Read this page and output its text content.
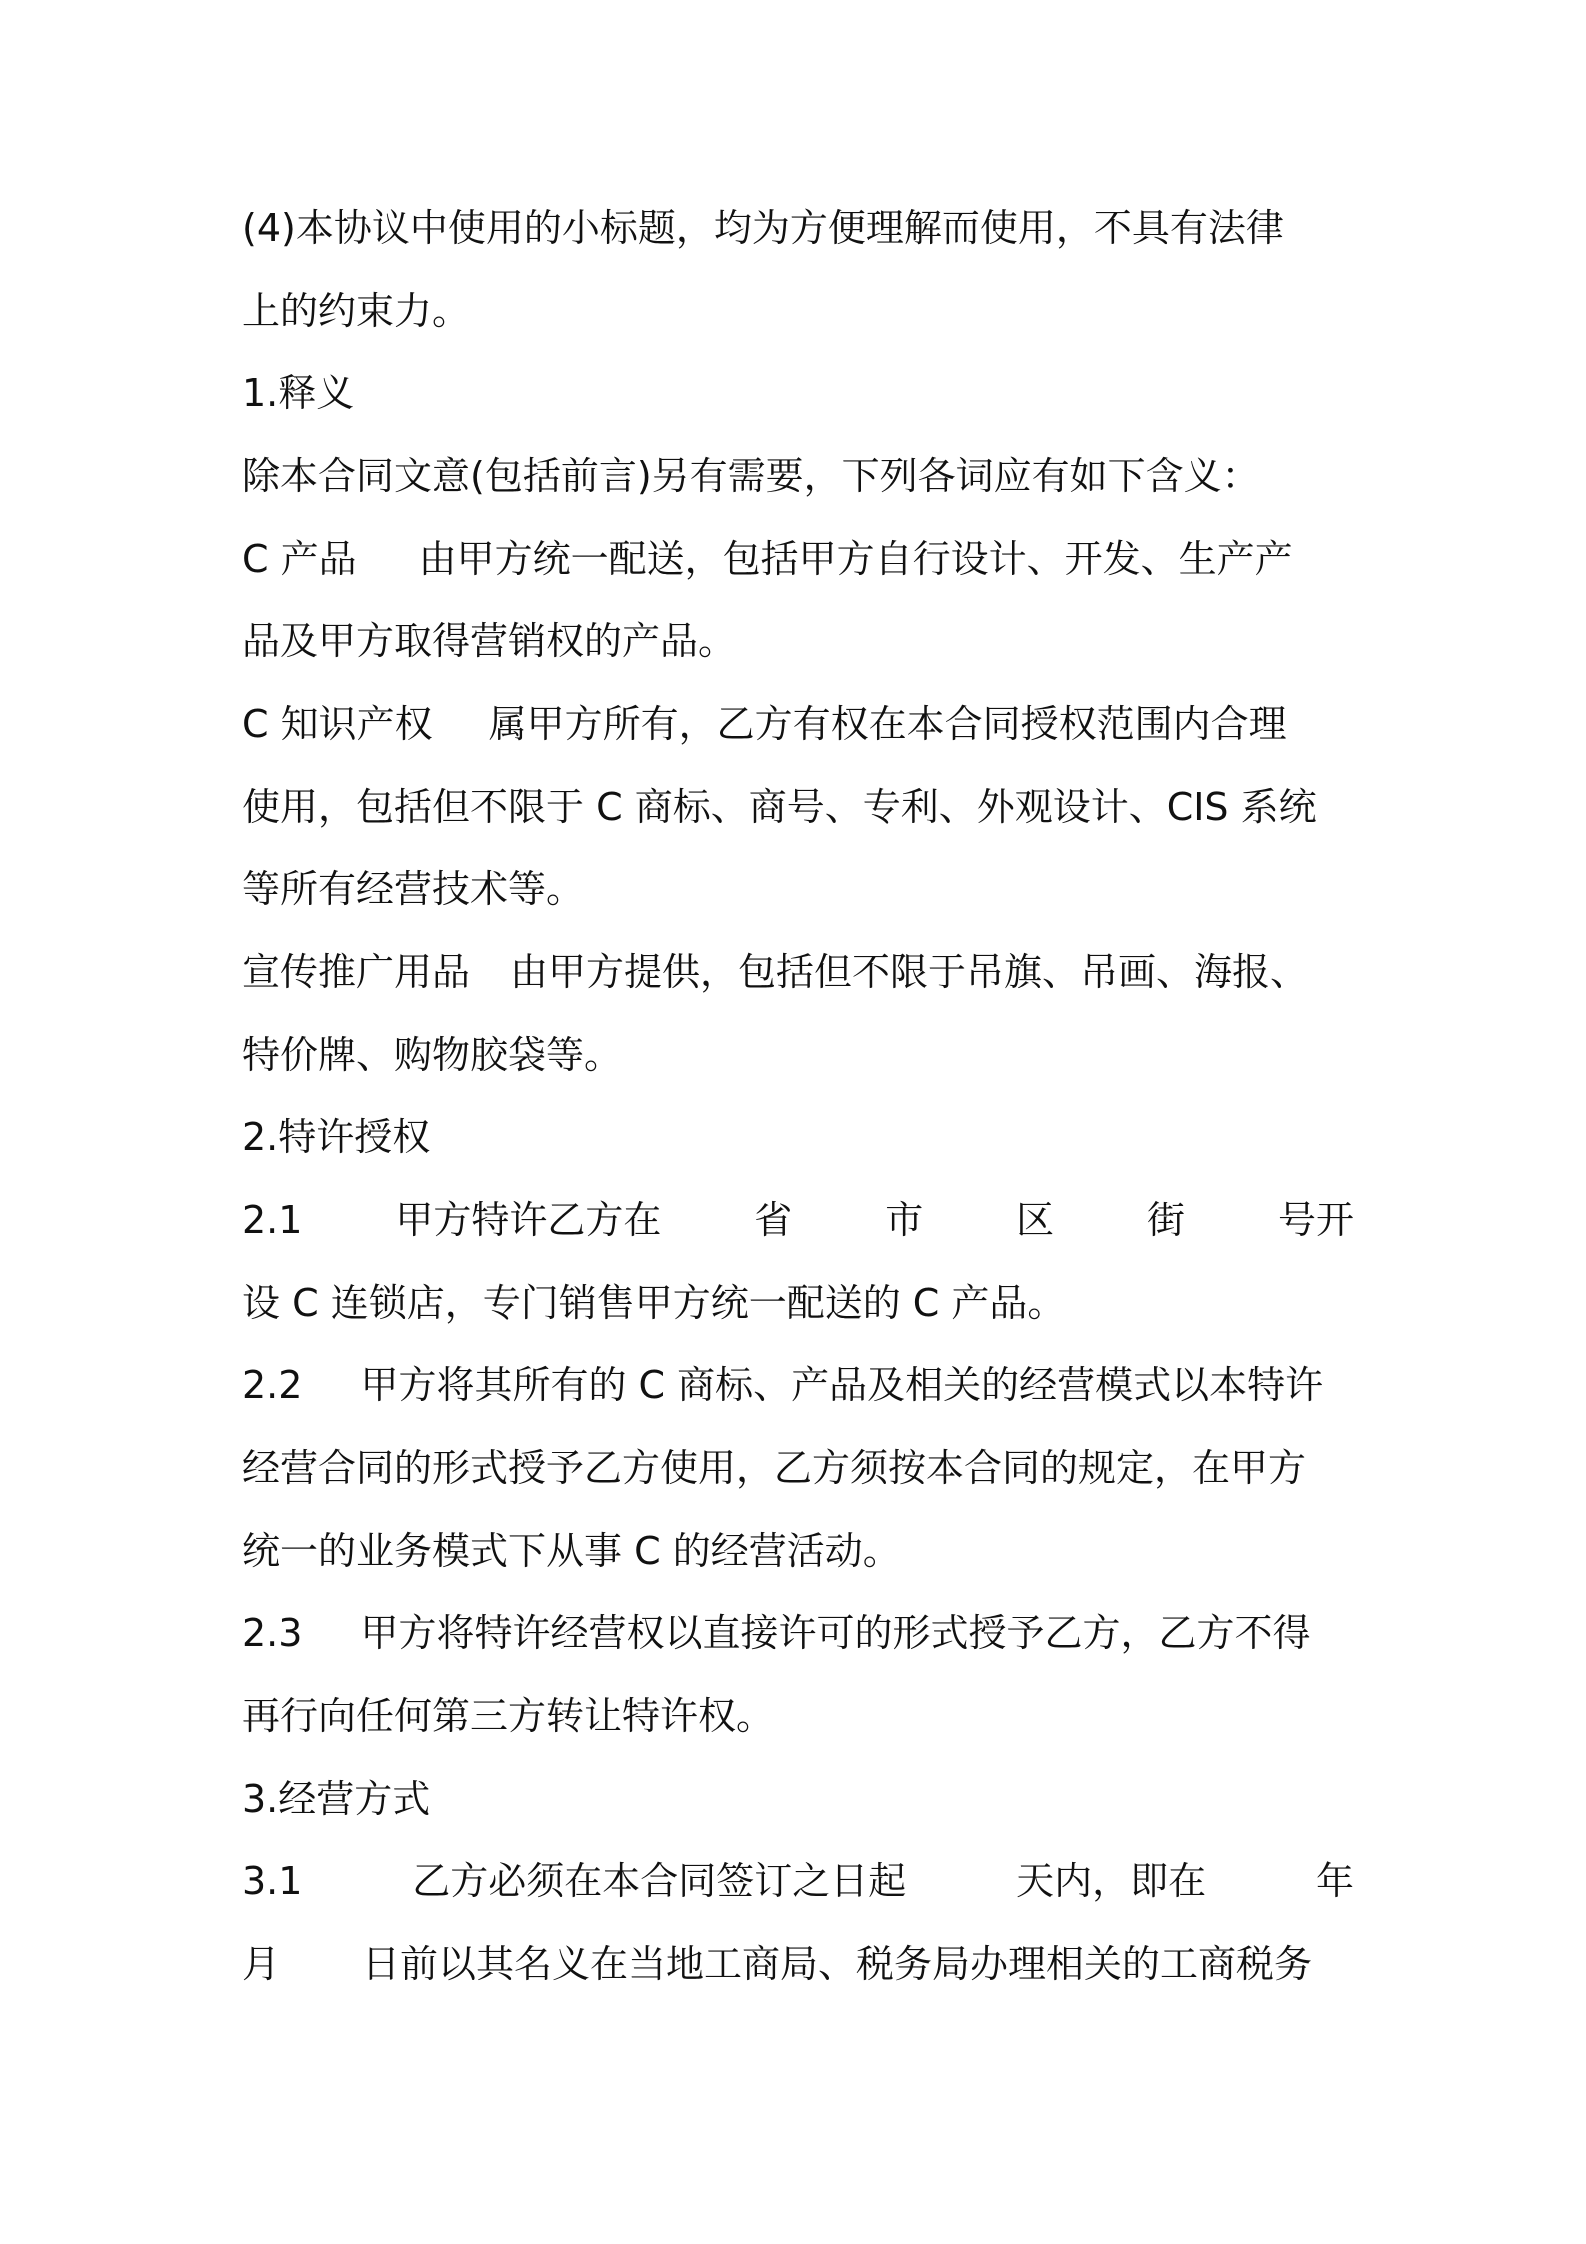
(4)本协议中使用的小标题，均为方便理解而使用，不具有法律
上的约束力。
1.释义
除本合同文意(包括前言)另有需要，下列各词应有如下含义：
C 产品 由甲方统一配送，包括甲方自行设计、开发、生产产
品及甲方取得营销权的产品。
C 知识产权 属甲方所有，乙方有权在本合同授权范围内合理
使用，包括但不限于 C 商标、商号、专利、外观设计、CIS 系统
等所有经营技术等。
宣传推广用品 由甲方提供，包括但不限于吊旗、吊画、海报、
特价牌、购物胶袋等。
2.特许授权
2.1 甲方特许乙方在 省 市 区 街 号开
设 C 连锁店，专门销售甲方统一配送的 C 产品。
2.2 甲方将其所有的 C 商标、产品及相关的经营模式以本特许
经营合同的形式授予乙方使用，乙方须按本合同的规定，在甲方
统一的业务模式下从事 C 的经营活动。
2.3 甲方将特许经营权以直接许可的形式授予乙方，乙方不得
再行向任何第三方转让特许权。
3.经营方式
3.1	乙方必须在本合同签订之日起	天内，即在	年
月 日前以其名义在当地工商局、税务局办理相关的工商税务
